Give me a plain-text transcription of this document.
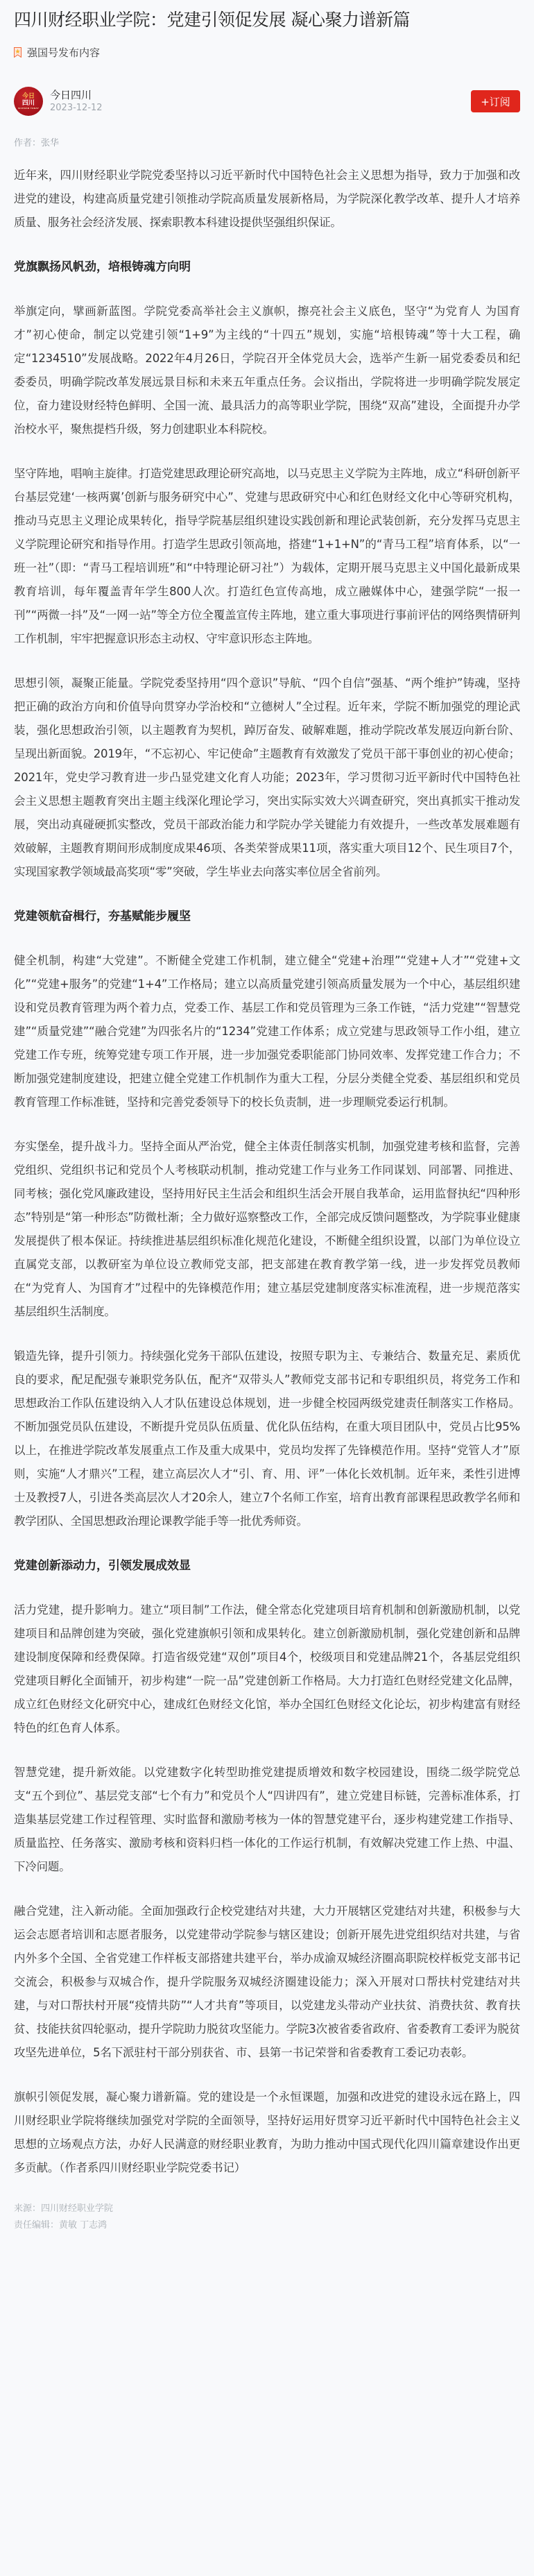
四川财经职业学院：党建引领促发展 凝心聚力谱新篇
强国号发布内容
今日
四川
SICHUAN TODAY
今日四川
2023-12-12	+订阅
作者：张华

近年来，四川财经职业学院党委坚持以习近平新时代中国特色社会主义思想为指导，致力于加强和改进党的建设，构建高质量党建引领推动学院高质量发展新格局，为学院深化教学改革、提升人才培养质量、服务社会经济发展、探索职教本科建设提供坚强组织保证。

党旗飘扬风帆劲，培根铸魂方向明

举旗定向，擘画新蓝图。学院党委高举社会主义旗帜，擦亮社会主义底色，坚守“为党育人 为国育才”初心使命，制定以党建引领“1+9”为主线的“十四五”规划，实施“培根铸魂”等十大工程，确定“1234510”发展战略。2022年4月26日，学院召开全体党员大会，选举产生新一届党委委员和纪委委员，明确学院改革发展远景目标和未来五年重点任务。会议指出，学院将进一步明确学院发展定位，奋力建设财经特色鲜明、全国一流、最具活力的高等职业学院，围绕“双高”建设，全面提升办学治校水平，聚焦提档升级，努力创建职业本科院校。

坚守阵地，唱响主旋律。打造党建思政理论研究高地，以马克思主义学院为主阵地，成立“科研创新平台基层党建‘一核两翼’创新与服务研究中心”、党建与思政研究中心和红色财经文化中心等研究机构，推动马克思主义理论成果转化，指导学院基层组织建设实践创新和理论武装创新，充分发挥马克思主义学院理论研究和指导作用。打造学生思政引领高地，搭建“1+1+N”的“青马工程”培育体系，以“一班一社”（即：“青马工程培训班”和“中特理论研习社”）为载体，定期开展马克思主义中国化最新成果教育培训，每年覆盖青年学生800人次。打造红色宣传高地，成立融媒体中心，建强学院“一报一刊”“两微一抖”及“一网一站”等全方位全覆盖宣传主阵地，建立重大事项进行事前评估的网络舆情研判工作机制，牢牢把握意识形态主动权、守牢意识形态主阵地。

思想引领，凝聚正能量。学院党委坚持用“四个意识”导航、“四个自信”强基、“两个维护”铸魂，坚持把正确的政治方向和价值导向贯穿办学治校和“立德树人”全过程。近年来，学院不断加强党的理论武装，强化思想政治引领，以主题教育为契机，踔厉奋发、破解难题，推动学院改革发展迈向新台阶、呈现出新面貌。2019年，“不忘初心、牢记使命”主题教育有效激发了党员干部干事创业的初心使命；2021年，党史学习教育进一步凸显党建文化育人功能；2023年，学习贯彻习近平新时代中国特色社会主义思想主题教育突出主题主线深化理论学习，突出实际实效大兴调查研究，突出真抓实干推动发展，突出动真碰硬抓实整改，党员干部政治能力和学院办学关键能力有效提升，一些改革发展难题有效破解，主题教育期间形成制度成果46项、各类荣誉成果11项，落实重大项目12个、民生项目7个，实现国家教学领域最高奖项“零”突破，学生毕业去向落实率位居全省前列。

党建领航奋楫行，夯基赋能步履坚

健全机制，构建“大党建”。不断健全党建工作机制，建立健全“党建+治理”“党建+人才”“党建+文化”“党建+服务”的党建“1+4”工作格局；建立以高质量党建引领高质量发展为一个中心，基层组织建设和党员教育管理为两个着力点，党委工作、基层工作和党员管理为三条工作链，“活力党建”“智慧党建”“质量党建”“融合党建”为四张名片的“1234”党建工作体系；成立党建与思政领导工作小组，建立党建工作专班，统筹党建专项工作开展，进一步加强党委职能部门协同效率、发挥党建工作合力；不断加强党建制度建设，把建立健全党建工作机制作为重大工程，分层分类健全党委、基层组织和党员教育管理工作标准链，坚持和完善党委领导下的校长负责制，进一步理顺党委运行机制。

夯实堡垒，提升战斗力。坚持全面从严治党，健全主体责任制落实机制，加强党建考核和监督，完善党组织、党组织书记和党员个人考核联动机制，推动党建工作与业务工作同谋划、同部署、同推进、同考核；强化党风廉政建设，坚持用好民主生活会和组织生活会开展自我革命，运用监督执纪“四种形态”特别是“第一种形态”防微杜渐；全力做好巡察整改工作，全部完成反馈问题整改，为学院事业健康发展提供了根本保证。持续推进基层组织标准化规范化建设，不断健全组织设置，以部门为单位设立直属党支部，以教研室为单位设立教师党支部，把支部建在教育教学第一线，进一步发挥党员教师在“为党育人、为国育才”过程中的先锋模范作用；建立基层党建制度落实标准流程，进一步规范落实基层组织生活制度。

锻造先锋，提升引领力。持续强化党务干部队伍建设，按照专职为主、专兼结合、数量充足、素质优良的要求，配足配强专兼职党务队伍，配齐“双带头人”教师党支部书记和专职组织员，将党务工作和思想政治工作队伍建设纳入人才队伍建设总体规划，进一步健全校园两级党建责任制落实工作格局。不断加强党员队伍建设，不断提升党员队伍质量、优化队伍结构，在重大项目团队中，党员占比95%以上，在推进学院改革发展重点工作及重大成果中，党员均发挥了先锋模范作用。坚持“党管人才”原则，实施“人才鼎兴”工程，建立高层次人才“引、育、用、评”一体化长效机制。近年来，柔性引进博士及教授7人，引进各类高层次人才20余人，建立7个名师工作室，培育出教育部课程思政教学名师和教学团队、全国思想政治理论课教学能手等一批优秀师资。

党建创新添动力，引领发展成效显

活力党建，提升影响力。建立“项目制”工作法，健全常态化党建项目培育机制和创新激励机制，以党建项目和品牌创建为突破，强化党建旗帜引领和成果转化。建立创新激励机制，强化党建创新和品牌建设制度保障和经费保障。打造省级党建“双创”项目4个，校级项目和党建品牌21个，各基层党组织党建项目孵化全面铺开，初步构建“一院一品”党建创新工作格局。大力打造红色财经党建文化品牌，成立红色财经文化研究中心，建成红色财经文化馆，举办全国红色财经文化论坛，初步构建富有财经特色的红色育人体系。

智慧党建，提升新效能。以党建数字化转型助推党建提质增效和数字校园建设，围绕二级学院党总支“五个到位”、基层党支部“七个有力”和党员个人“四讲四有”，建立党建目标链，完善标准体系，打造集基层党建工作过程管理、实时监督和激励考核为一体的智慧党建平台，逐步构建党建工作指导、质量监控、任务落实、激励考核和资料归档一体化的工作运行机制，有效解决党建工作上热、中温、下冷问题。

融合党建，注入新动能。全面加强政行企校党建结对共建，大力开展辖区党建结对共建，积极参与大运会志愿者培训和志愿者服务，以党建带动学院参与辖区建设；创新开展先进党组织结对共建，与省内外多个全国、全省党建工作样板支部搭建共建平台，举办成渝双城经济圈高职院校样板党支部书记交流会，积极参与双城合作，提升学院服务双城经济圈建设能力；深入开展对口帮扶村党建结对共建，与对口帮扶村开展“疫情共防”“人才共育”等项目，以党建龙头带动产业扶贫、消费扶贫、教育扶贫、技能扶贫四轮驱动，提升学院助力脱贫攻坚能力。学院3次被省委省政府、省委教育工委评为脱贫攻坚先进单位，5名下派驻村干部分别获省、市、县第一书记荣誉和省委教育工委记功表彰。

旗帜引领促发展，凝心聚力谱新篇。党的建设是一个永恒课题，加强和改进党的建设永远在路上，四川财经职业学院将继续加强党对学院的全面领导，坚持好运用好贯穿习近平新时代中国特色社会主义思想的立场观点方法，办好人民满意的财经职业教育，为助力推动中国式现代化四川篇章建设作出更多贡献。（作者系四川财经职业学院党委书记）

来源：四川财经职业学院
责任编辑：黄敏 丁志鸿
